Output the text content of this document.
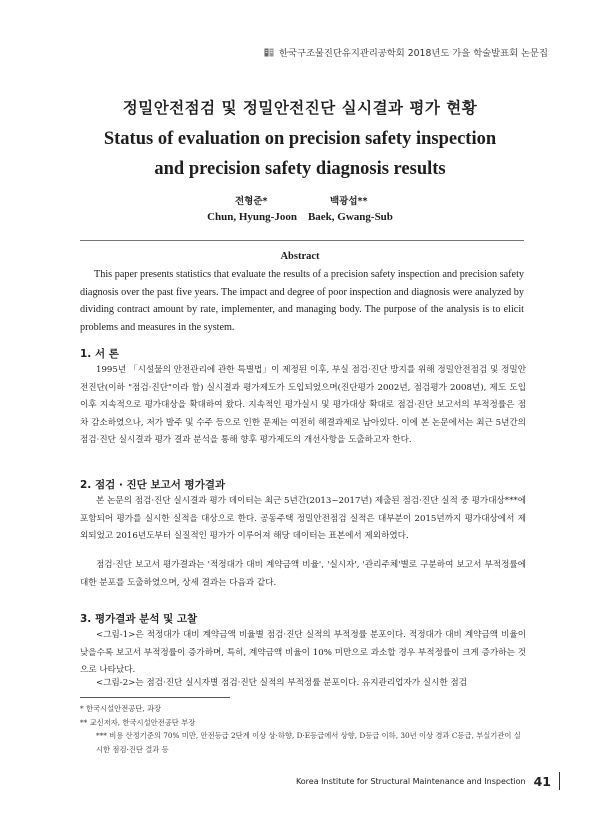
한국구조물진단유지관리공학회 2018년도 가을 학술발표회 논문집
정밀안전점검 및 정밀안전진단 실시결과 평가 현황
Status of evaluation on precision safety inspection
and precision safety diagnosis results
전형준*	백광섭**
Chun, Hyung-Joon    Baek, Gwang-Sub
Abstract
This paper presents statistics that evaluate the results of a precision safety inspection and precision safety diagnosis over the past five years. The impact and degree of poor inspection and diagnosis were analyzed by dividing contract amount by rate, implementer, and managing body. The purpose of the analysis is to elicit problems and measures in the system.
1. 서 론
1995년 「시설물의 안전관리에 관한 특별법」이 제정된 이후, 부실 점검·진단 방지를 위해 정밀안전점검 및 정밀안전진단(이하 "점검·진단"이라 함) 실시결과 평가제도가 도입되었으며(진단평가 2002년, 점검평가 2008년), 제도 도입 이후 지속적으로 평가대상을 확대하여 왔다. 지속적인 평가실시 및 평가대상 확대로 점검·진단 보고서의 부적정률은 점차 감소하였으나, 저가 발주 및 수주 등으로 인한 문제는 여전히 해결과제로 남아있다. 이에 본 논문에서는 최근 5년간의 점검·진단 실시결과 평가 결과 분석을 통해 향후 평가제도의 개선사항을 도출하고자 한다.
2. 점검 · 진단 보고서 평가결과
본 논문의 점검·진단 실시결과 평가 데이터는 최근 5년간(2013~2017년) 제출된 점검·진단 실적 중 평가대상***에 포함되어 평가를 실시한 실적을 대상으로 한다. 공동주택 정밀안전점검 실적은 대부분이 2015년까지 평가대상에서 제외되었고 2016년도부터 실질적인 평가가 이루어져 해당 데이터는 표본에서 제외하였다.
점검·진단 보고서 평가결과는 '적정대가 대비 계약금액 비율', '실시자', '관리주체'별로 구분하여 보고서 부적정률에 대한 분포를 도출하였으며, 상세 결과는 다음과 같다.
3. 평가결과 분석 및 고찰
<그림-1>은 적정대가 대비 계약금액 비율별 점검·진단 실적의 부적정률 분포이다. 적정대가 대비 계약금액 비율이 낮을수록 보고서 부적정률이 증가하며, 특히, 계약금액 비율이 10% 미만으로 과소할 경우 부적정률이 크게 증가하는 것으로 나타났다.
<그림-2>는 점검·진단 실시자별 점검·진단 실적의 부적정률 분포이다. 유지관리업자가 실시한 점검
* 한국시설안전공단, 과장
** 교신저자, 한국시설안전공단 부장
*** 비용 산정기준의 70% 미만, 안전등급 2단계 이상 상·하향, D·E등급에서 상향, D등급 이하, 30년 이상 경과 C등급, 부실기관이 실시한 점검·진단 결과 등
Korea Institute for Structural Maintenance and Inspection 41
